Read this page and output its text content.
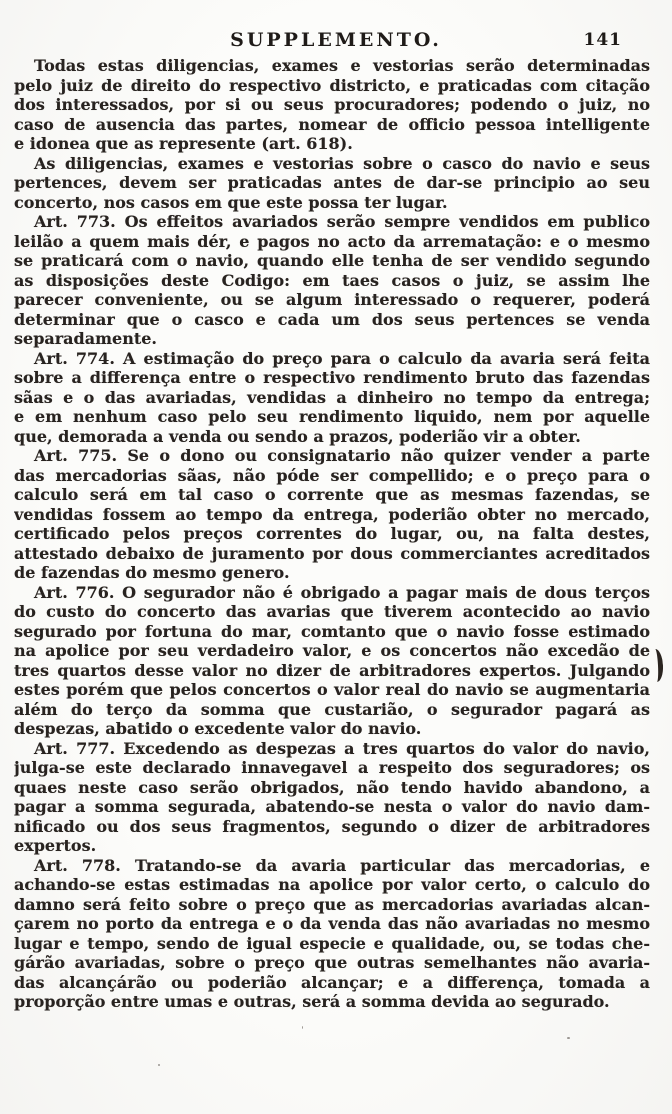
SUPPLEMENTO.	141
Todas estas diligencias, exames e vestorias serão determinadas
pelo juiz de direito do respectivo districto, e praticadas com citação
dos interessados, por si ou seus procuradores; podendo o juiz, no
caso de ausencia das partes, nomear de officio pessoa intelligente
e idonea que as represente (art. 618).
As diligencias, exames e vestorias sobre o casco do navio e seus
pertences, devem ser praticadas antes de dar-se principio ao seu
concerto, nos casos em que este possa ter lugar.
Art. 773. Os effeitos avariados serão sempre vendidos em publico
leilão a quem mais dér, e pagos no acto da arrematação: e o mesmo
se praticará com o navio, quando elle tenha de ser vendido segundo
as disposições deste Codigo: em taes casos o juiz, se assim lhe
parecer conveniente, ou se algum interessado o requerer, poderá
determinar que o casco e cada um dos seus pertences se venda
separadamente.
Art. 774. A estimação do preço para o calculo da avaria será feita
sobre a differença entre o respectivo rendimento bruto das fazendas
sãas e o das avariadas, vendidas a dinheiro no tempo da entrega;
e em nenhum caso pelo seu rendimento liquido, nem por aquelle
que, demorada a venda ou sendo a prazos, poderião vir a obter.
Art. 775. Se o dono ou consignatario não quizer vender a parte
das mercadorias sãas, não póde ser compellido; e o preço para o
calculo será em tal caso o corrente que as mesmas fazendas, se
vendidas fossem ao tempo da entrega, poderião obter no mercado,
certificado pelos preços correntes do lugar, ou, na falta destes,
attestado debaixo de juramento por dous commerciantes acreditados
de fazendas do mesmo genero.
Art. 776. O segurador não é obrigado a pagar mais de dous terços
do custo do concerto das avarias que tiverem acontecido ao navio
segurado por fortuna do mar, comtanto que o navio fosse estimado
na apolice por seu verdadeiro valor, e os concertos não excedão de
tres quartos desse valor no dizer de arbitradores expertos. Julgando
estes porém que pelos concertos o valor real do navio se augmentaria
além do terço da somma que custarião, o segurador pagará as
despezas, abatido o excedente valor do navio.
Art. 777. Excedendo as despezas a tres quartos do valor do navio,
julga-se este declarado innavegavel a respeito dos seguradores; os
quaes neste caso serão obrigados, não tendo havido abandono, a
pagar a somma segurada, abatendo-se nesta o valor do navio dam-
nificado ou dos seus fragmentos, segundo o dizer de arbitradores
expertos.
Art. 778. Tratando-se da avaria particular das mercadorias, e
achando-se estas estimadas na apolice por valor certo, o calculo do
damno será feito sobre o preço que as mercadorias avariadas alcan-
çarem no porto da entrega e o da venda das não avariadas no mesmo
lugar e tempo, sendo de igual especie e qualidade, ou, se todas che-
gárão avariadas, sobre o preço que outras semelhantes não avaria-
das alcançárão ou poderião alcançar; e a differença, tomada a
proporção entre umas e outras, será a somma devida ao segurado.
